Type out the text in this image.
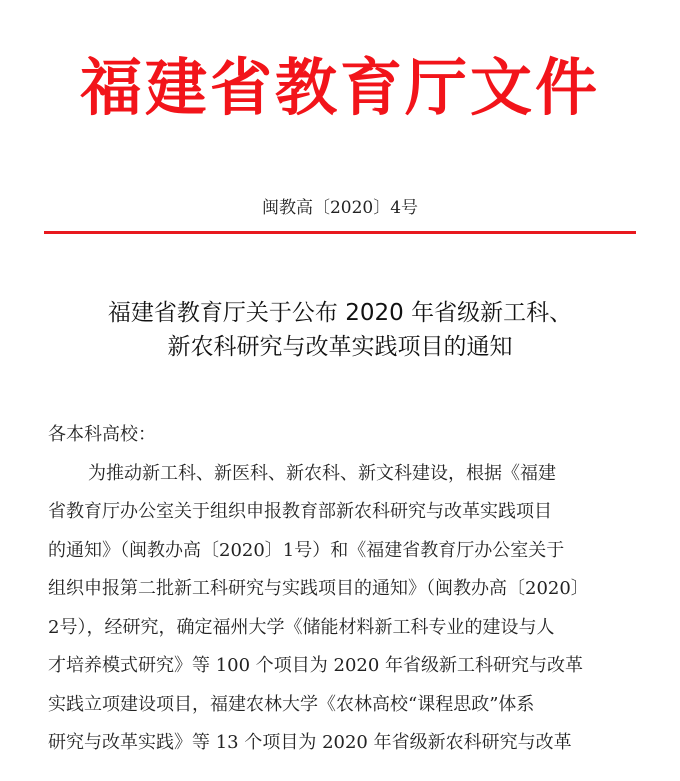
福建省教育厅文件
闽教高〔2020〕4号
福建省教育厅关于公布 2020 年省级新工科、
新农科研究与改革实践项目的通知
各本科高校：
为推动新工科、新医科、新农科、新文科建设，根据《福建
省教育厅办公室关于组织申报教育部新农科研究与改革实践项目
的通知》（闽教办高〔2020〕1号）和《福建省教育厅办公室关于
组织申报第二批新工科研究与实践项目的通知》（闽教办高〔2020〕
2号），经研究，确定福州大学《储能材料新工科专业的建设与人
才培养模式研究》等 100 个项目为 2020 年省级新工科研究与改革
实践立项建设项目，福建农林大学《农林高校“课程思政”体系
研究与改革实践》等 13 个项目为 2020 年省级新农科研究与改革
